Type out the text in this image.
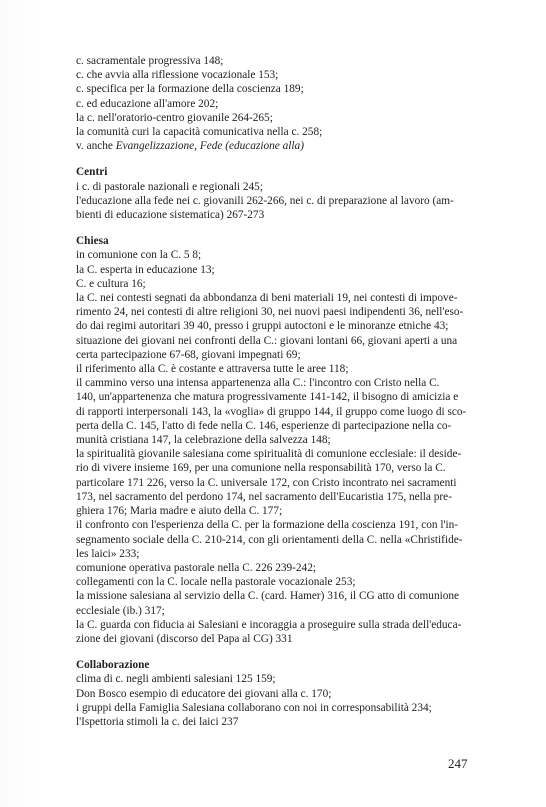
c. sacramentale progressiva 148;
c. che avvia alla riflessione vocazionale 153;
c. specifica per la formazione della coscienza 189;
c. ed educazione all'amore 202;
la c. nell'oratorio-centro giovanile 264-265;
la comunità curi la capacità comunicativa nella c. 258;
v. anche Evangelizzazione, Fede (educazione alla)
Centri
i c. di pastorale nazionali e regionali 245;
l'educazione alla fede nei c. giovanili 262-266, nei c. di preparazione al lavoro (am-
bienti di educazione sistematica) 267-273
Chiesa
in comunione con la C. 5 8;
la C. esperta in educazione 13;
C. e cultura 16;
la C. nei contesti segnati da abbondanza di beni materiali 19, nei contesti di impove-
rimento 24, nei contesti di altre religioni 30, nei nuovi paesi indipendenti 36, nell'eso-
do dai regimi autoritari 39 40, presso i gruppi autoctoni e le minoranze etniche 43;
situazione dei giovani nei confronti della C.: giovani lontani 66, giovani aperti a una
certa partecipazione 67-68, giovani impegnati 69;
il riferimento alla C. è costante e attraversa tutte le aree 118;
il cammino verso una intensa appartenenza alla C.: l'incontro con Cristo nella C.
140, un'appartenenza che matura progressivamente 141-142, il bisogno di amicizia e
di rapporti interpersonali 143, la «voglia» di gruppo 144, il gruppo come luogo di sco-
perta della C. 145, l'atto di fede nella C. 146, esperienze di partecipazione nella co-
munità cristiana 147, la celebrazione della salvezza 148;
la spiritualità giovanile salesiana come spiritualità di comunione ecclesiale: il deside-
rio di vivere insieme 169, per una comunione nella responsabilità 170, verso la C.
particolare 171 226, verso la C. universale 172, con Cristo incontrato nei sacramenti
173, nel sacramento del perdono 174, nel sacramento dell'Eucaristia 175, nella pre-
ghiera 176; Maria madre e aiuto della C. 177;
il confronto con l'esperienza della C. per la formazione della coscienza 191, con l'in-
segnamento sociale della C. 210-214, con gli orientamenti della C. nella «Christifide-
les laici» 233;
comunione operativa pastorale nella C. 226 239-242;
collegamenti con la C. locale nella pastorale vocazionale 253;
la missione salesiana al servizio della C. (card. Hamer) 316, il CG atto di comunione
ecclesiale (ib.) 317;
la C. guarda con fiducia ai Salesiani e incoraggia a proseguire sulla strada dell'educa-
zione dei giovani (discorso del Papa al CG) 331
Collaborazione
clima di c. negli ambienti salesiani 125 159;
Don Bosco esempio di educatore dei giovani alla c. 170;
i gruppi della Famiglia Salesiana collaborano con noi in corresponsabilità 234;
l'Ispettoria stimoli la c. dei laici 237
247
